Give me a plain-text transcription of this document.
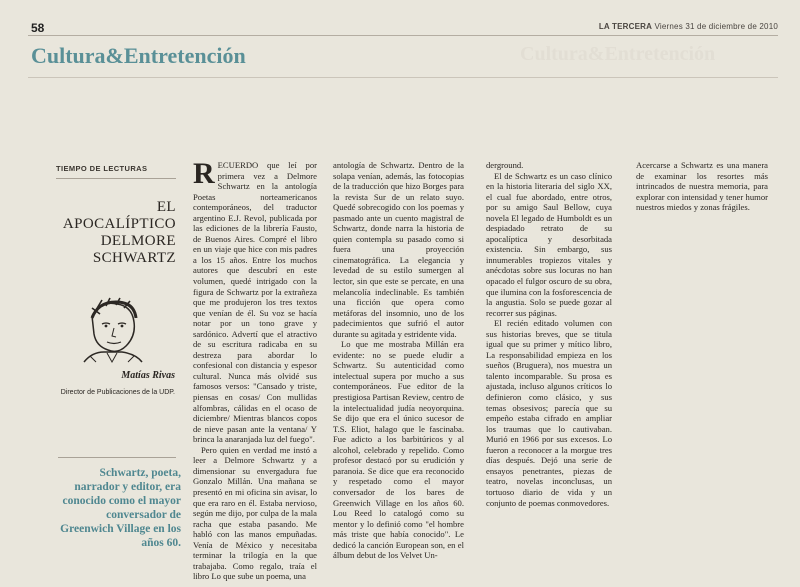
58	LA TERCERA Viernes 31 de diciembre de 2010
Cultura&Entretención	Cultura&Entretención
TIEMPO DE LECTURAS
EL
APOCALÍPTICO
DELMORE
SCHWARTZ
Matías Rivas
Director de Publicaciones de la UDP.
Schwartz, poeta, narrador y editor, era conocido como el mayor conversador de Greenwich Village en los años 60.

RECUERDO que leí por primera vez a Delmore Schwartz en la antología Poetas norteamericanos contemporáneos, del traductor argentino E.J. Revol, publicada por las ediciones de la librería Fausto, de Buenos Aires. Compré el libro en un viaje que hice con mis padres a los 15 años. Entre los muchos autores que descubrí en este volumen, quedé intrigado con la figura de Schwartz por la extrañeza que me produjeron los tres textos que venían de él. Su voz se hacía notar por un tono grave y sardónico. Advertí que el atractivo de su escritura radicaba en su destreza para abordar lo confesional con distancia y espesor cultural. Nunca más olvidé sus famosos versos: "Cansado y triste, piensas en cosas/ Con mullidas alfombras, cálidas en el ocaso de diciembre/ Mientras blancos copos de nieve pasan ante la ventana/ Y brinca la anaranjada luz del fuego".

Pero quien en verdad me instó a leer a Delmore Schwartz y a dimensionar su envergadura fue Gonzalo Millán. Una mañana se presentó en mi oficina sin avisar, lo que era raro en él. Estaba nervioso, según me dijo, por culpa de la mala racha que estaba pasando. Me habló con las manos empuñadas. Venía de México y necesitaba terminar la trilogía en la que trabajaba. Como regalo, traía el libro Lo que sube un poema, una

antología de Schwartz. Dentro de la solapa venían, además, las fotocopias de la traducción que hizo Borges para la revista Sur de un relato suyo. Quedé sobrecogido con los poemas y pasmado ante un cuento magistral de Schwartz, donde narra la historia de quien contempla su pasado como si fuera una proyección cinematográfica. La elegancia y levedad de su estilo sumergen al lector, sin que este se percate, en una melancolía indeclinable. Es también una ficción que opera como metáforas del insomnio, uno de los padecimientos que sufrió el autor durante su agitada y estridente vida.

Lo que me mostraba Millán era evidente: no se puede eludir a Schwartz. Su autenticidad como intelectual supera por mucho a sus contemporáneos. Fue editor de la prestigiosa Partisan Review, centro de la intelectualidad judía neoyorquina. Se dijo que era el único sucesor de T.S. Eliot, halago que le fascinaba. Fue adicto a los barbitúricos y al alcohol, celebrado y repelido. Como profesor destacó por su erudición y paranoia. Se dice que era reconocido y respetado como el mayor conversador de los bares de Greenwich Village en los años 60. Lou Reed lo catalogó como su mentor y lo definió como "el hombre más triste que había conocido". Le dedicó la canción European son, en el álbum debut de los Velvet Un-

derground.

El de Schwartz es un caso clínico en la historia literaria del siglo XX, el cual fue abordado, entre otros, por su amigo Saul Bellow, cuya novela El legado de Humboldt es un despiadado retrato de su apocalíptica y desorbitada existencia. Sin embargo, sus innumerables tropiezos vitales y anécdotas sobre sus locuras no han opacado el fulgor oscuro de su obra, que ilumina con la fosforescencia de la angustia. Solo se puede gozar al recorrer sus páginas.

El recién editado volumen con sus historias breves, que se titula igual que su primer y mítico libro, La responsabilidad empieza en los sueños (Bruguera), nos muestra un talento incomparable. Su prosa es ajustada, incluso algunos críticos lo definieron como clásico, y sus temas obsesivos; parecía que su empeño estaba cifrado en ampliar los traumas que lo cautivaban. Murió en 1966 por sus excesos. Lo fueron a reconocer a la morgue tres días después. Dejó una serie de ensayos penetrantes, piezas de teatro, novelas inconclusas, un tortuoso diario de vida y un conjunto de poemas conmovedores.

Acercarse a Schwartz es una manera de examinar los resortes más intrincados de nuestra memoria, para explorar con intensidad y tener humor nuestros miedos y zonas frágiles.
